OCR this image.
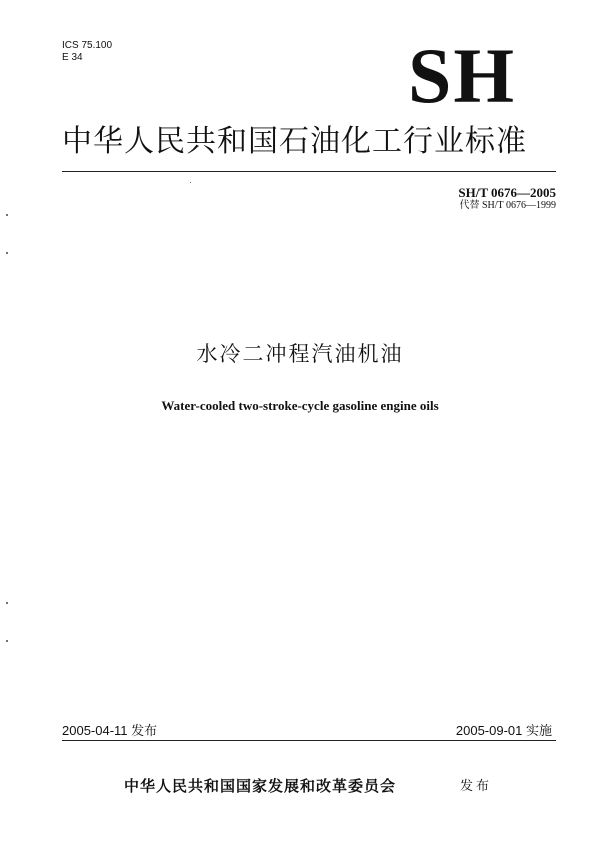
ICS 75.100
E 34	SH
中华人民共和国石油化工行业标准
SH/T 0676—2005
代替 SH/T 0676—1999
水冷二冲程汽油机油
Water-cooled two-stroke-cycle gasoline engine oils
2005-04-11 发布	2005-09-01 实施
中华人民共和国国家发展和改革委员会	发布
